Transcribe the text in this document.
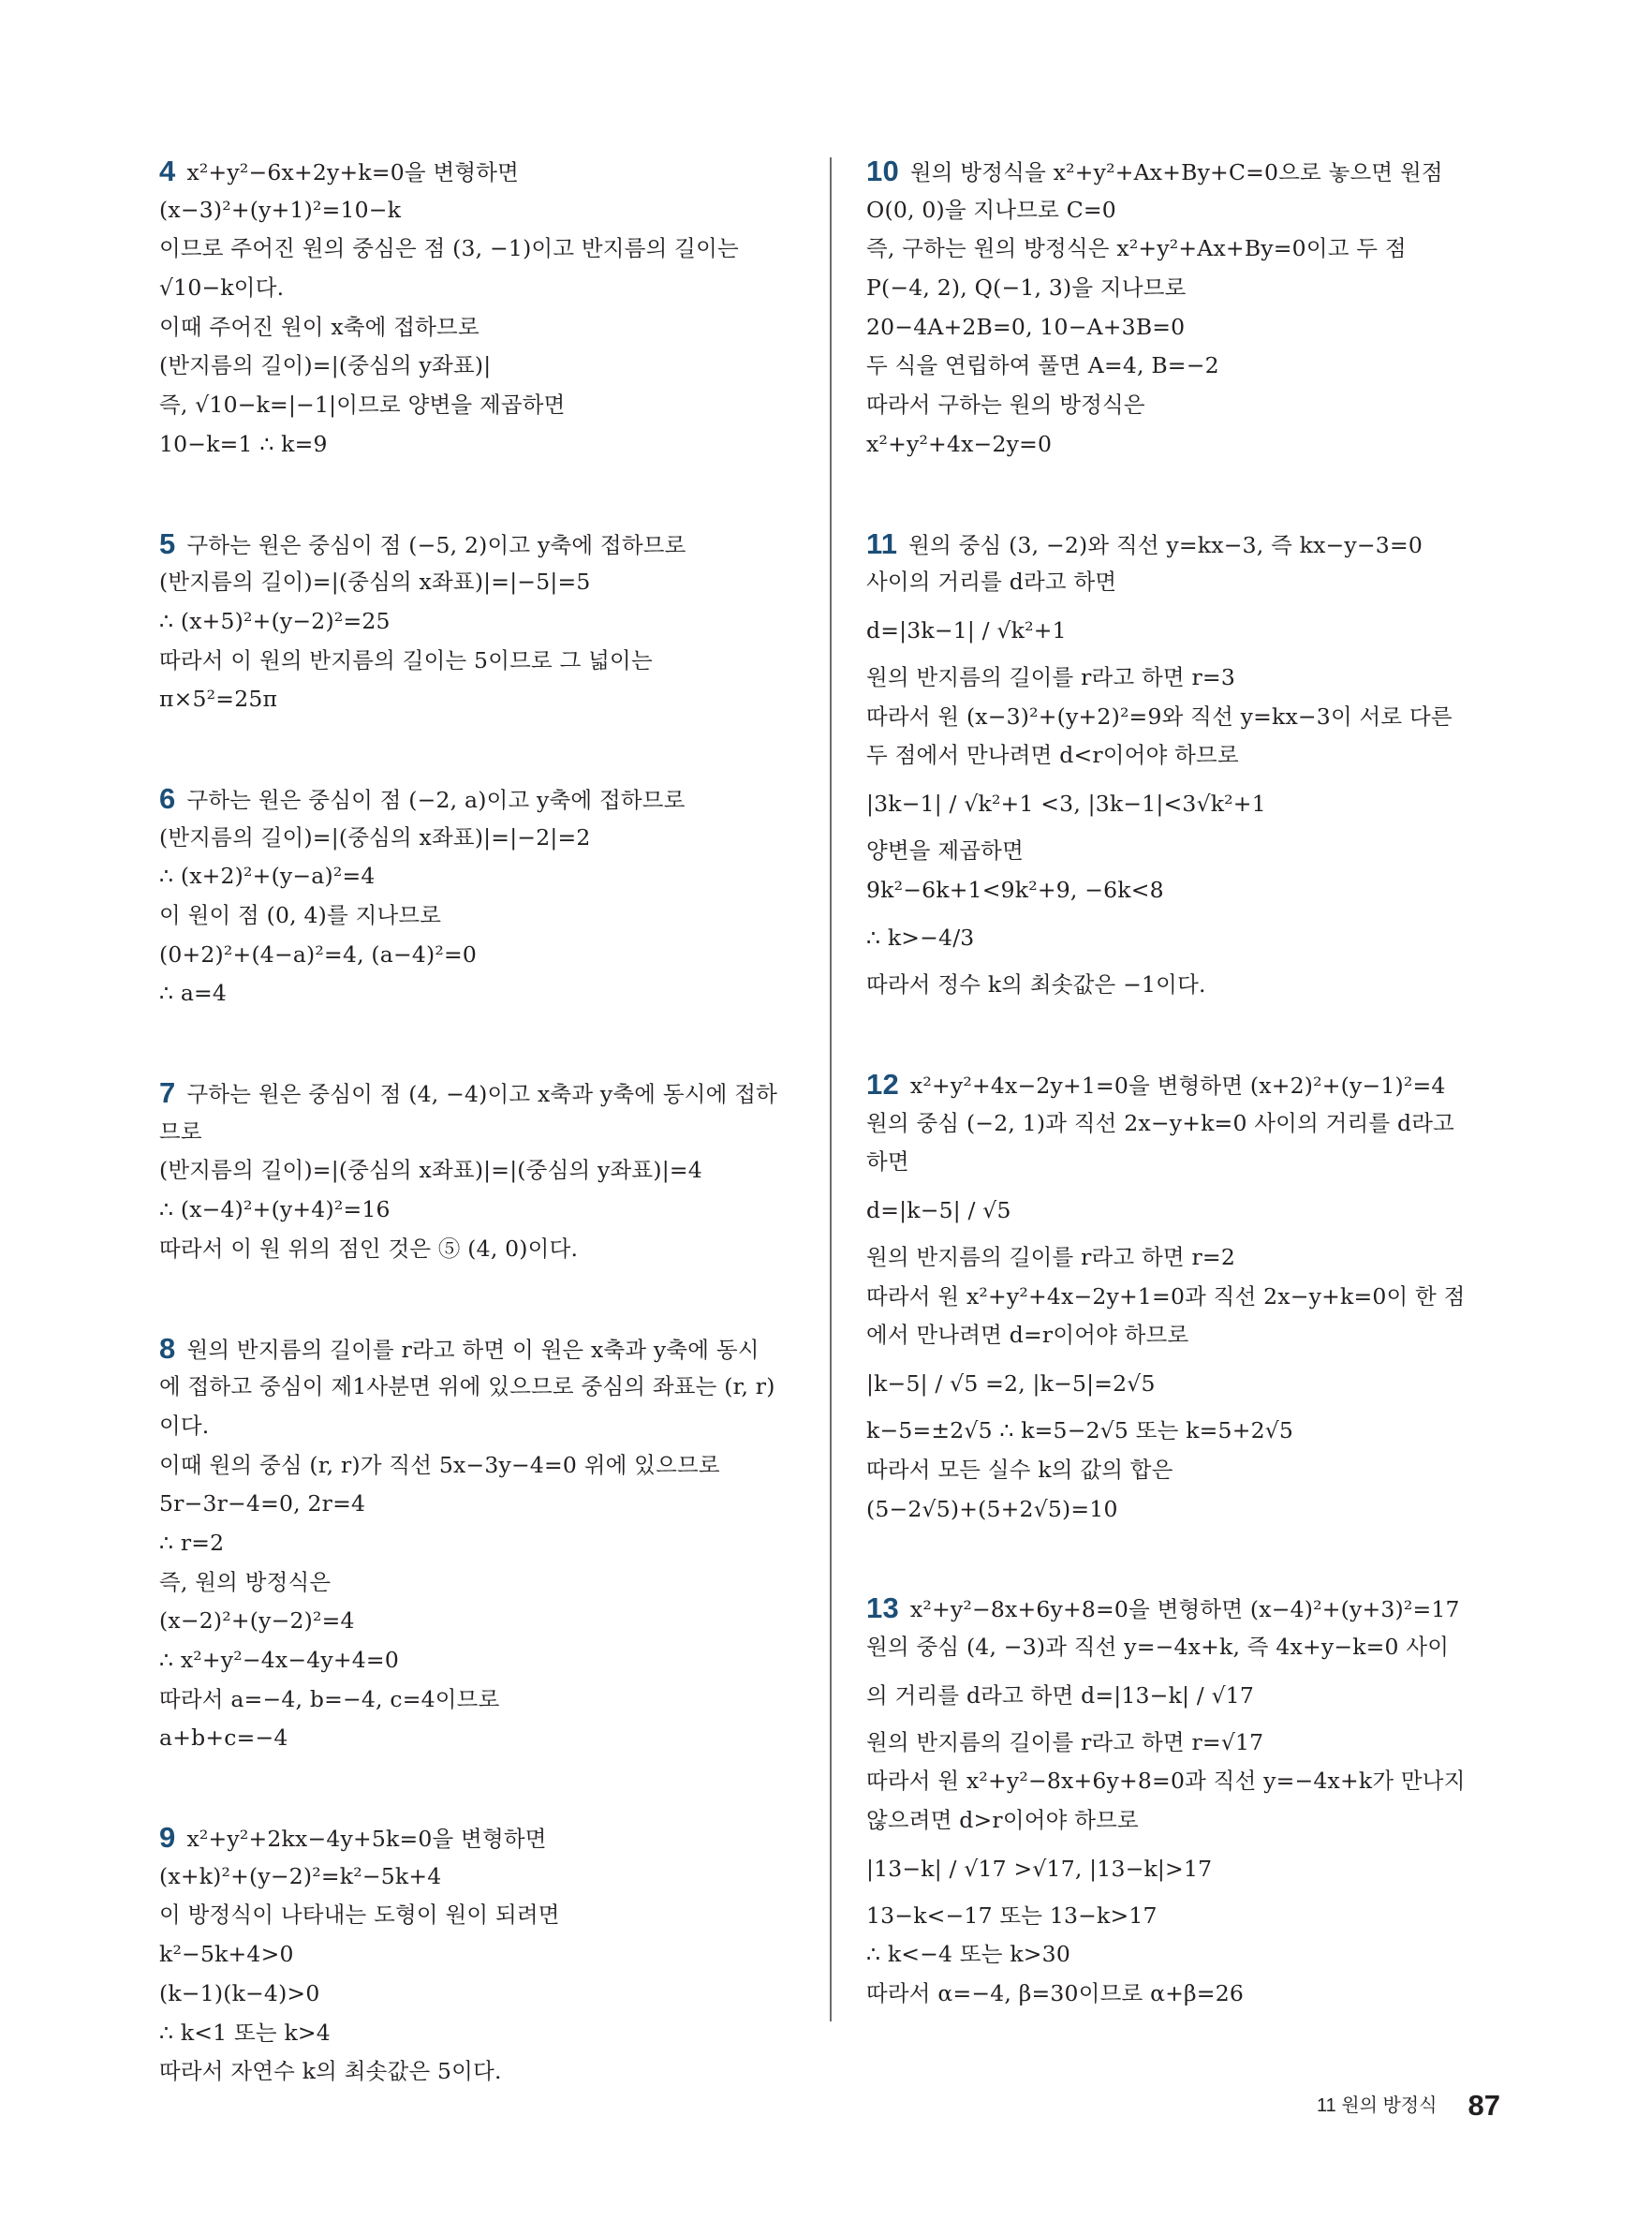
4 x²+y²−6x+2y+k=0을 변형하면
(x−3)²+(y+1)²=10−k
이므로 주어진 원의 중심은 점 (3, −1)이고 반지름의 길이는
√10−k이다.
이때 주어진 원이 x축에 접하므로
(반지름의 길이)=|(중심의 y좌표)|
즉, √10−k=|−1|이므로 양변을 제곱하면
10−k=1 ∴ k=9
5 구하는 원은 중심이 점 (−5, 2)이고 y축에 접하므로
(반지름의 길이)=|(중심의 x좌표)|=|−5|=5
∴ (x+5)²+(y−2)²=25
따라서 이 원의 반지름의 길이는 5이므로 그 넓이는
π×5²=25π
6 구하는 원은 중심이 점 (−2, a)이고 y축에 접하므로
(반지름의 길이)=|(중심의 x좌표)|=|−2|=2
∴ (x+2)²+(y−a)²=4
이 원이 점 (0, 4)를 지나므로
(0+2)²+(4−a)²=4, (a−4)²=0
∴ a=4
7 구하는 원은 중심이 점 (4, −4)이고 x축과 y축에 동시에 접하
므로
(반지름의 길이)=|(중심의 x좌표)|=|(중심의 y좌표)|=4
∴ (x−4)²+(y+4)²=16
따라서 이 원 위의 점인 것은 ⑤ (4, 0)이다.
8 원의 반지름의 길이를 r라고 하면 이 원은 x축과 y축에 동시
에 접하고 중심이 제1사분면 위에 있으므로 중심의 좌표는 (r, r)
이다.
이때 원의 중심 (r, r)가 직선 5x−3y−4=0 위에 있으므로
5r−3r−4=0, 2r=4
∴ r=2
즉, 원의 방정식은
(x−2)²+(y−2)²=4
∴ x²+y²−4x−4y+4=0
따라서 a=−4, b=−4, c=4이므로
a+b+c=−4
9 x²+y²+2kx−4y+5k=0을 변형하면
(x+k)²+(y−2)²=k²−5k+4
이 방정식이 나타내는 도형이 원이 되려면
k²−5k+4>0
(k−1)(k−4)>0
∴ k<1 또는 k>4
따라서 자연수 k의 최솟값은 5이다.
10 원의 방정식을 x²+y²+Ax+By+C=0으로 놓으면 원점
O(0, 0)을 지나므로 C=0
즉, 구하는 원의 방정식은 x²+y²+Ax+By=0이고 두 점
P(−4, 2), Q(−1, 3)을 지나므로
20−4A+2B=0, 10−A+3B=0
두 식을 연립하여 풀면 A=4, B=−2
따라서 구하는 원의 방정식은
x²+y²+4x−2y=0
11 원의 중심 (3, −2)와 직선 y=kx−3, 즉 kx−y−3=0
사이의 거리를 d라고 하면
d=|3k−1| / √k²+1
원의 반지름의 길이를 r라고 하면 r=3
따라서 원 (x−3)²+(y+2)²=9와 직선 y=kx−3이 서로 다른
두 점에서 만나려면 d<r이어야 하므로
|3k−1| / √k²+1 <3, |3k−1|<3√k²+1
양변을 제곱하면
9k²−6k+1<9k²+9, −6k<8
∴ k>−4/3
따라서 정수 k의 최솟값은 −1이다.
12 x²+y²+4x−2y+1=0을 변형하면 (x+2)²+(y−1)²=4
원의 중심 (−2, 1)과 직선 2x−y+k=0 사이의 거리를 d라고
하면
d=|k−5| / √5
원의 반지름의 길이를 r라고 하면 r=2
따라서 원 x²+y²+4x−2y+1=0과 직선 2x−y+k=0이 한 점
에서 만나려면 d=r이어야 하므로
|k−5| / √5 =2, |k−5|=2√5
k−5=±2√5 ∴ k=5−2√5 또는 k=5+2√5
따라서 모든 실수 k의 값의 합은
(5−2√5)+(5+2√5)=10
13 x²+y²−8x+6y+8=0을 변형하면 (x−4)²+(y+3)²=17
원의 중심 (4, −3)과 직선 y=−4x+k, 즉 4x+y−k=0 사이
의 거리를 d라고 하면 d=|13−k| / √17
원의 반지름의 길이를 r라고 하면 r=√17
따라서 원 x²+y²−8x+6y+8=0과 직선 y=−4x+k가 만나지
않으려면 d>r이어야 하므로
|13−k| / √17 >√17, |13−k|>17
13−k<−17 또는 13−k>17
∴ k<−4 또는 k>30
따라서 α=−4, β=30이므로 α+β=26
11 원의 방정식 87
